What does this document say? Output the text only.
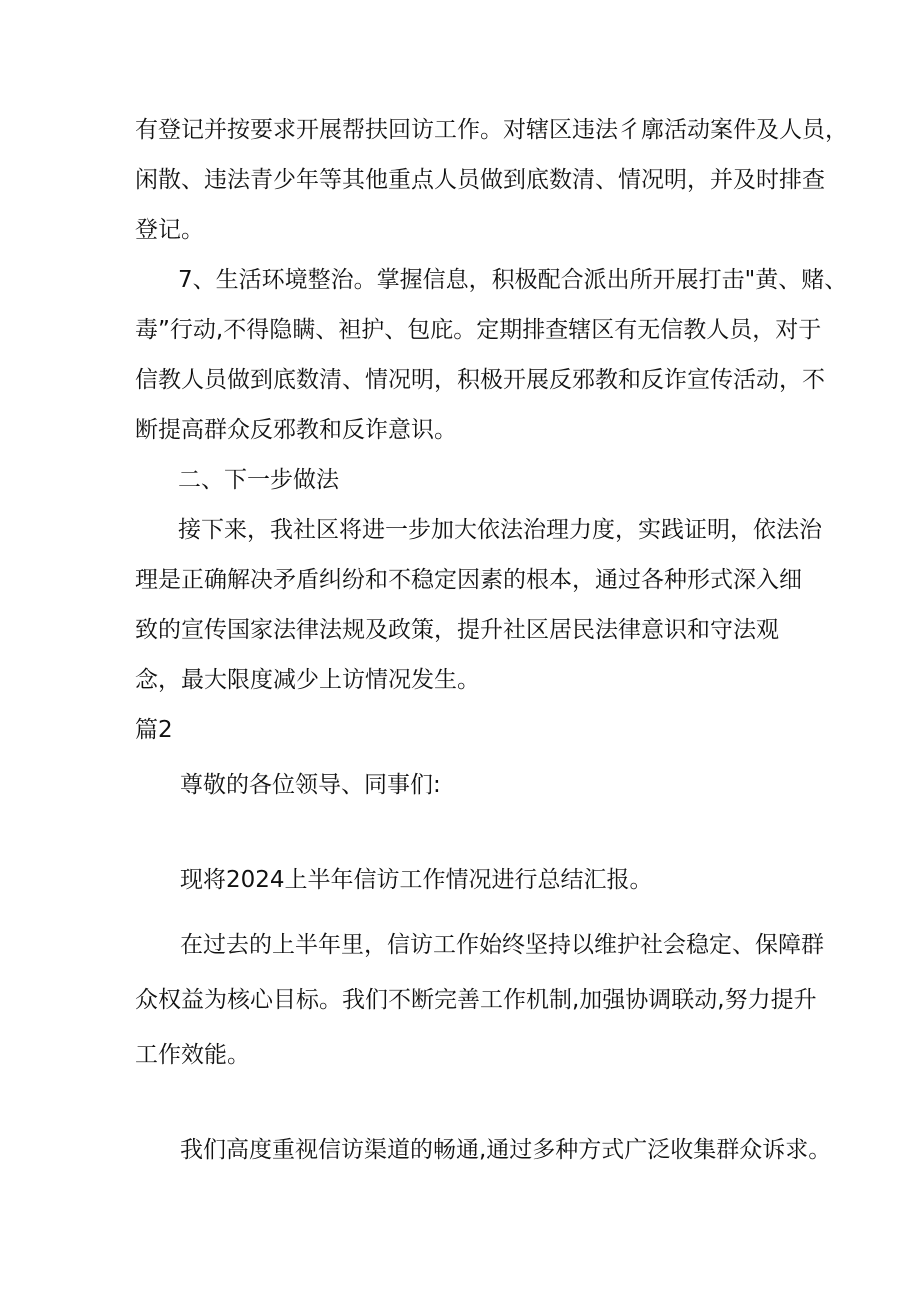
有登记并按要求开展帮扶回访工作。对辖区违法彳廓活动案件及人员，

闲散、违法青少年等其他重点人员做到底数清、情况明，并及时排查

登记。

7、生活环境整治。掌握信息，积极配合派出所开展打击"黄、赌、

毒”行动,不得隐瞒、袒护、包庇。定期排查辖区有无信教人员，对于

信教人员做到底数清、情况明，积极开展反邪教和反诈宣传活动，不

断提高群众反邪教和反诈意识。

二、下一步做法

接下来，我社区将进一步加大依法治理力度，实践证明，依法治

理是正确解决矛盾纠纷和不稳定因素的根本，通过各种形式深入细

致的宣传国家法律法规及政策，提升社区居民法律意识和守法观

念，最大限度减少上访情况发生。

篇2

尊敬的各位领导、同事们:

现将2024上半年信访工作情况进行总结汇报。

在过去的上半年里，信访工作始终坚持以维护社会稳定、保障群

众权益为核心目标。我们不断完善工作机制,加强协调联动,努力提升

工作效能。

我们高度重视信访渠道的畅通,通过多种方式广泛收集群众诉求。
